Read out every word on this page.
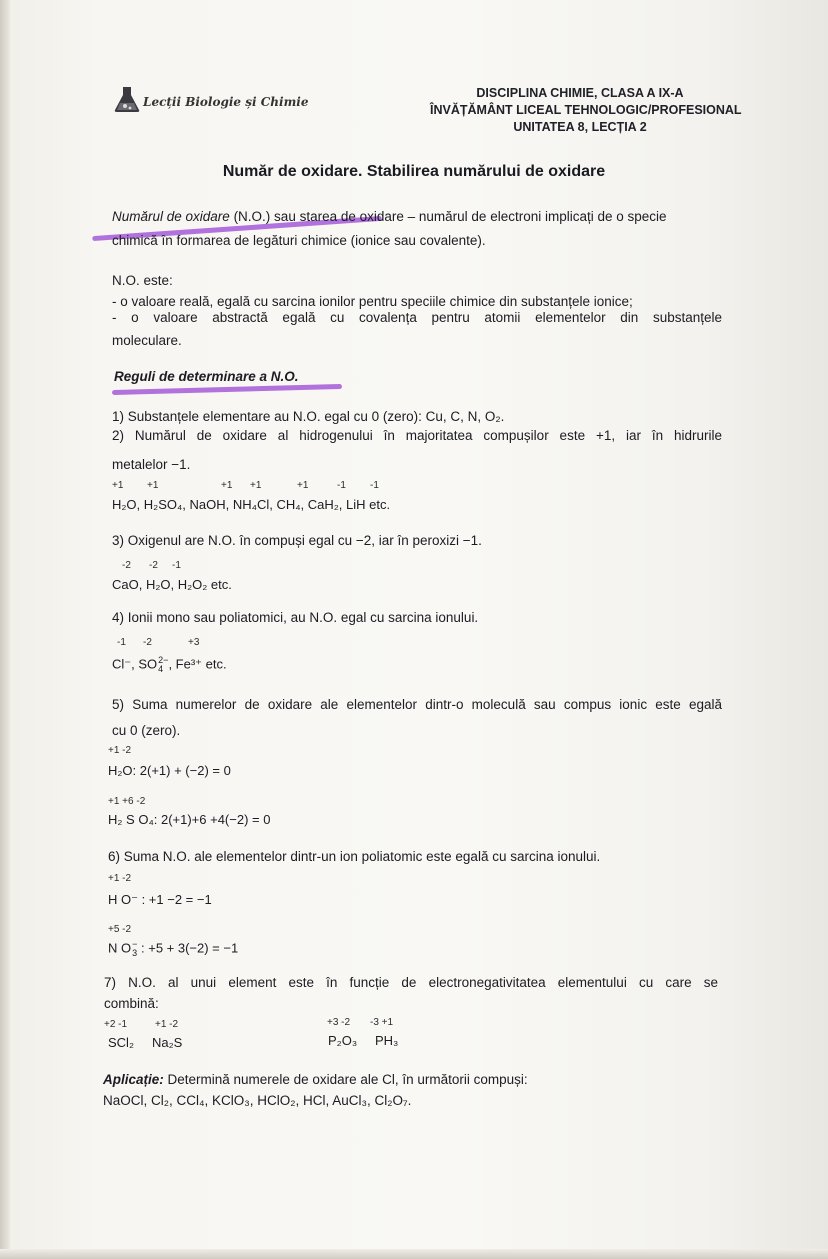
Lecții Biologie și Chimie
DISCIPLINA CHIMIE, CLASA A IX-A
ÎNVĂȚĂMÂNT LICEAL TEHNOLOGIC/PROFESIONAL
UNITATEA 8, LECȚIA 2
Număr de oxidare. Stabilirea numărului de oxidare
Numărul de oxidare (N.O.) sau starea de oxidare – numărul de electroni implicați de o specie
chimică în formarea de legături chimice (ionice sau covalente).
N.O. este:
- o valoare reală, egală cu sarcina ionilor pentru speciile chimice din substanțele ionice;
- o valoare abstractă egală cu covalența pentru atomii elementelor din substanțele
moleculare.
Reguli de determinare a N.O.
1) Substanțele elementare au N.O. egal cu 0 (zero): Cu, C, N, O₂.
2) Numărul de oxidare al hidrogenului în majoritatea compușilor este +1, iar în hidrurile
metalelor −1.
+1 +1	+1 +1	+1	-1 -1
H₂O, H₂SO₄, NaOH, NH₄Cl, CH₄, CaH₂, LiH etc.
3) Oxigenul are N.O. în compuși egal cu −2, iar în peroxizi −1.
-2 -2 -1
CaO, H₂O, H₂O₂ etc.
4) Ionii mono sau poliatomici, au N.O. egal cu sarcina ionului.
-1 -2	+3
Cl⁻, SO 2−
4 , Fe³⁺ etc.
5) Suma numerelor de oxidare ale elementelor dintr-o moleculă sau compus ionic este egală
cu 0 (zero).
+1 -2
H₂O: 2(+1) + (−2) = 0
+1 +6 -2
H₂ S O₄: 2(+1)+6 +4(−2) = 0
6) Suma N.O. ale elementelor dintr-un ion poliatomic este egală cu sarcina ionului.
+1 -2
H O⁻ : +1 −2 = −1
+5 -2
N O −
3 : +5 + 3(−2) = −1
7) N.O. al unui element este în funcție de electronegativitatea elementului cu care se
combină:
+2 -1	+1 -2	+3 -2 -3 +1
SCl₂ Na₂S	P₂O₃ PH₃
Aplicație: Determină numerele de oxidare ale Cl, în următorii compuși:
NaOCl, Cl₂, CCl₄, KClO₃, HClO₂, HCl, AuCl₃, Cl₂O₇.
